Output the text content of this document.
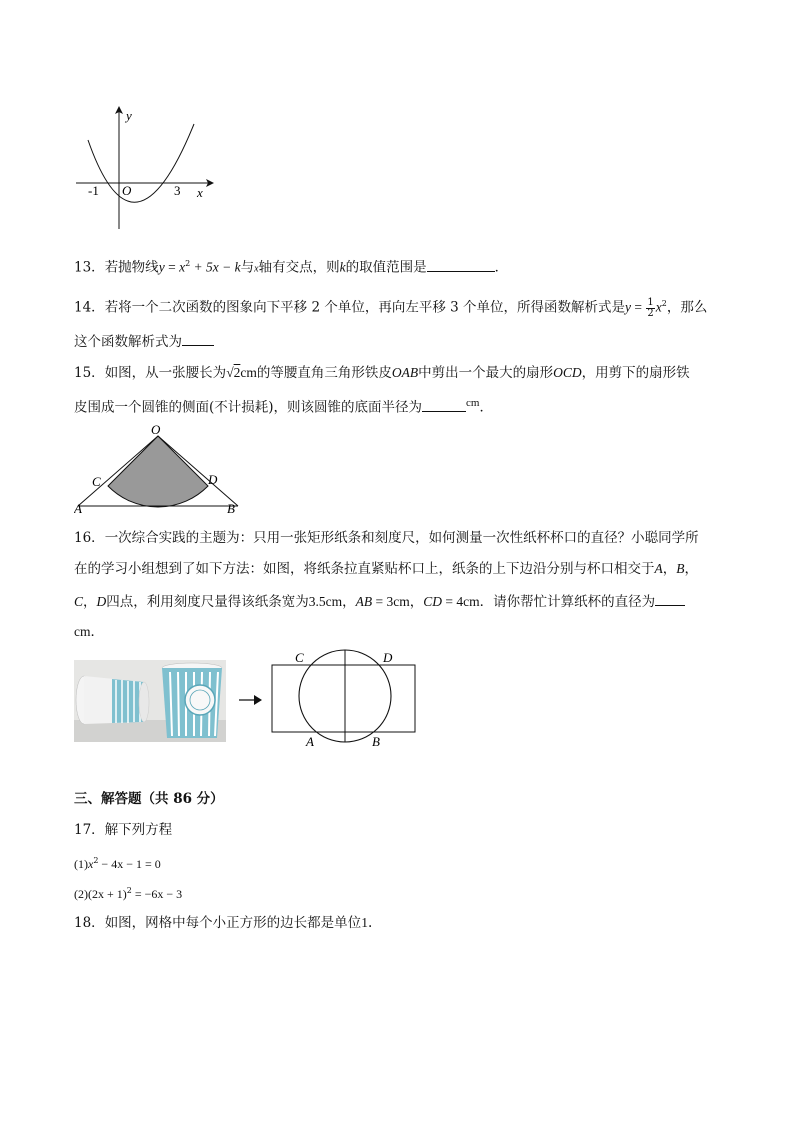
y
x
O
-1	3
13．若抛物线$y = x^2 + 5x - k$与x轴有交点，则k的取值范围是	．
14．若将一个二次函数的图象向下平移 2 个单位，再向左平移 3 个单位，所得函数解析式是$y = \frac{1}{2} x^2$，那么
这个函数解析式为
15．如图，从一张腰长为√2cm的等腰直角三角形铁皮OAB中剪出一个最大的扇形OCD，用剪下的扇形铁
皮围成一个圆锥的侧面(不计损耗)，则该圆锥的底面半径为	$^{cm}$．
O
C	D
A	B
16．一次综合实践的主题为：只用一张矩形纸条和刻度尺，如何测量一次性纸杯杯口的直径？小聪同学所
在的学习小组想到了如下方法：如图，将纸条拉直紧贴杯口上，纸条的上下边沿分别与杯口相交于A，B，
C，D四点，利用刻度尺量得该纸条宽为3.5cm，AB = 3cm，CD = 4cm．请你帮忙计算纸杯的直径为
cm．
C	D
A	B
三、解答题（共 86 分）
17．解下列方程
$(1)x^2 - 4x - 1 = 0$
$(2)(2x + 1)^2 = -6x - 3$
18．如图，网格中每个小正方形的边长都是单位1.
